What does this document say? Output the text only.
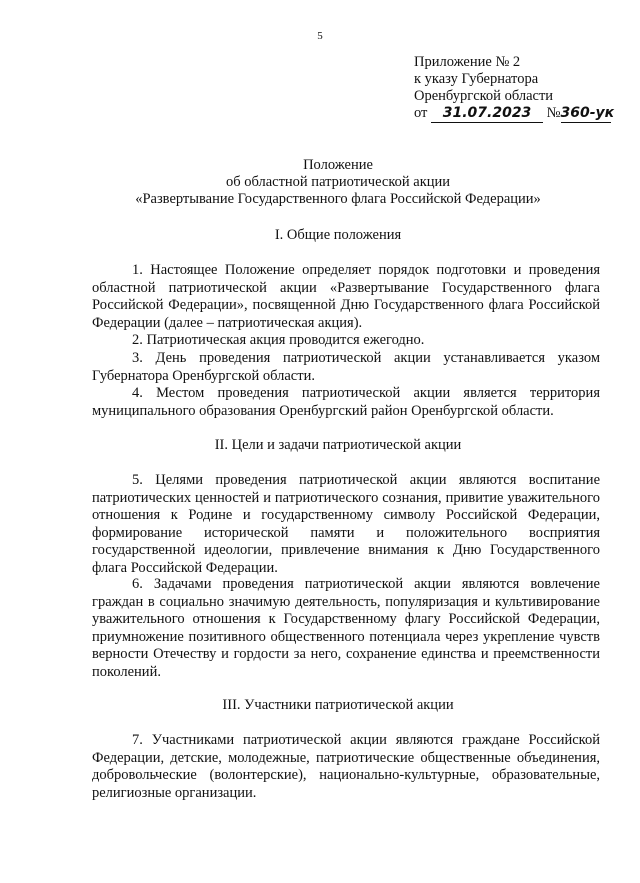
5
Приложение № 2
к указу Губернатора
Оренбургской области
от 31.07.2023 №360-ук
Положение
об областной патриотической акции
«Развертывание Государственного флага Российской Федерации»
I. Общие положения

1. Настоящее Положение определяет порядок подготовки и проведения областной патриотической акции «Развертывание Государственного флага Российской Федерации», посвященной Дню Государственного флага Российской Федерации (далее – патриотическая акция).

2. Патриотическая акция проводится ежегодно.

3. День проведения патриотической акции устанавливается указом Губернатора Оренбургской области.

4. Местом проведения патриотической акции является территория муниципального образования Оренбургский район Оренбургской области.

II. Цели и задачи патриотической акции

5. Целями проведения патриотической акции являются воспитание патриотических ценностей и патриотического сознания, привитие уважительного отношения к Родине и государственному символу Российской Федерации, формирование исторической памяти и положительного восприятия государственной идеологии, привлечение внимания к Дню Государственного флага Российской Федерации.

6. Задачами проведения патриотической акции являются вовлечение граждан в социально значимую деятельность, популяризация и культивирование уважительного отношения к Государственному флагу Российской Федерации, приумножение позитивного общественного потенциала через укрепление чувств верности Отечеству и гордости за него, сохранение единства и преемственности поколений.

III. Участники патриотической акции

7. Участниками патриотической акции являются граждане Российской Федерации, детские, молодежные, патриотические общественные объединения, добровольческие (волонтерские), национально-культурные, образовательные, религиозные организации.
